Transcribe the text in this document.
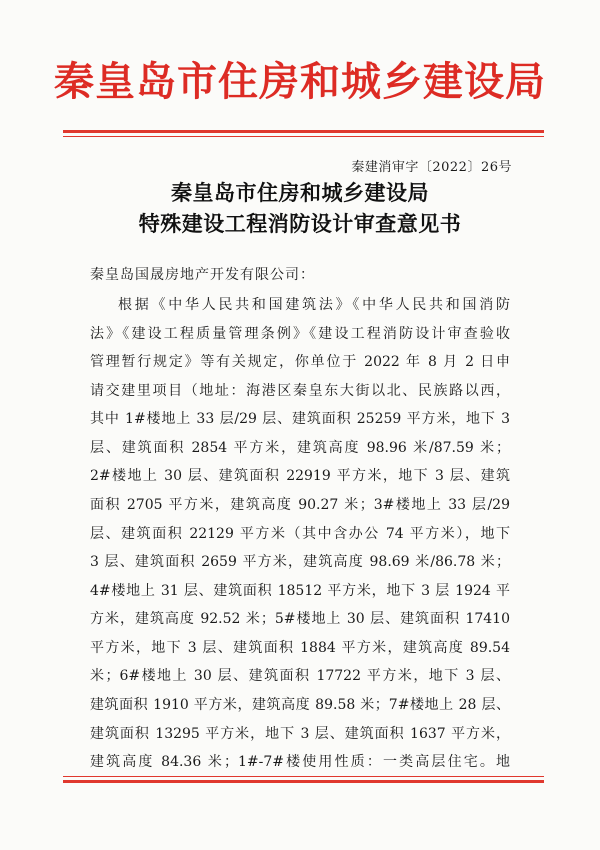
秦皇岛市住房和城乡建设局
秦建消审字〔2022〕26号
秦皇岛市住房和城乡建设局
特殊建设工程消防设计审查意见书
秦皇岛国晟房地产开发有限公司：
根据《中华人民共和国建筑法》《中华人民共和国消防
法》《建设工程质量管理条例》《建设工程消防设计审查验收
管理暂行规定》等有关规定，你单位于 2022 年 8 月 2 日申
请交建里项目（地址：海港区秦皇东大街以北、民族路以西，
其中 1#楼地上 33 层/29 层、建筑面积 25259 平方米，地下 3
层、建筑面积 2854 平方米，建筑高度 98.96 米/87.59 米；
2#楼地上 30 层、建筑面积 22919 平方米，地下 3 层、建筑
面积 2705 平方米，建筑高度 90.27 米；3#楼地上 33 层/29
层、建筑面积 22129 平方米（其中含办公 74 平方米），地下
3 层、建筑面积 2659 平方米，建筑高度 98.69 米/86.78 米；
4#楼地上 31 层、建筑面积 18512 平方米，地下 3 层 1924 平
方米，建筑高度 92.52 米；5#楼地上 30 层、建筑面积 17410
平方米，地下 3 层、建筑面积 1884 平方米，建筑高度 89.54
米；6#楼地上 30 层、建筑面积 17722 平方米，地下 3 层、
建筑面积 1910 平方米，建筑高度 89.58 米；7#楼地上 28 层、
建筑面积 13295 平方米，地下 3 层、建筑面积 1637 平方米，
建筑高度 84.36 米；1#-7#楼使用性质：一类高层住宅。地
